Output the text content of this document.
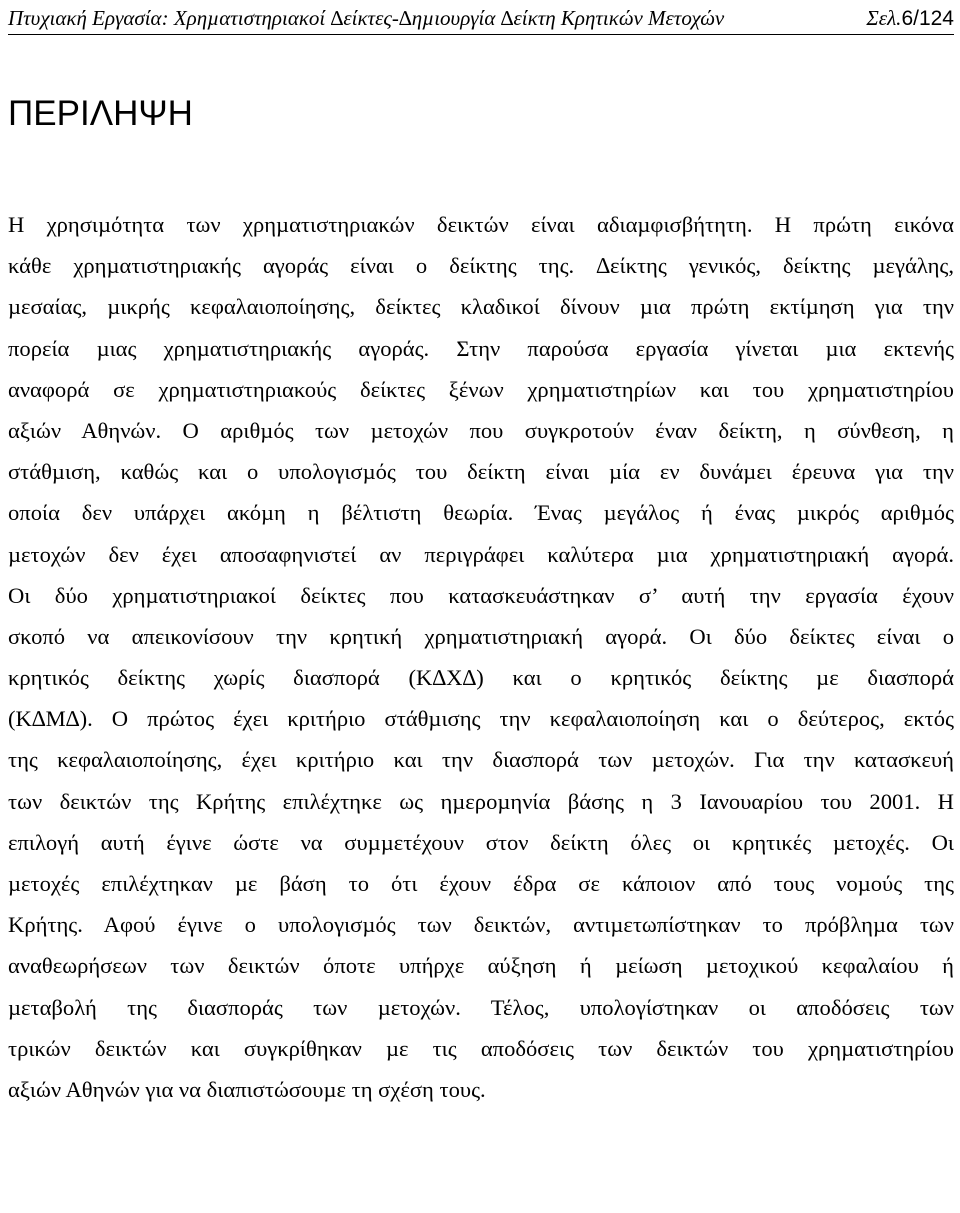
Πτυχιακή Εργασία: Χρηµατιστηριακοί ∆είκτες-∆ηµιουργία ∆είκτη Κρητικών Μετοχών	Σελ.6/124
ΠΕΡΙΛΗΨΗ
Η χρησιµότητα των χρηµατιστηριακών δεικτών είναι αδιαµφισβήτητη. Η πρώτη εικόνα
κάθε χρηµατιστηριακής αγοράς είναι ο δείκτης της. ∆είκτης γενικός, δείκτης µεγάλης,
µεσαίας, µικρής κεφαλαιοποίησης, δείκτες κλαδικοί δίνουν µια πρώτη εκτίµηση για την
πορεία µιας χρηµατιστηριακής αγοράς. Στην παρούσα εργασία γίνεται µια εκτενής
αναφορά σε χρηµατιστηριακούς δείκτες ξένων χρηµατιστηρίων και του χρηµατιστηρίου
αξιών Αθηνών. Ο αριθµός των µετοχών που συγκροτούν έναν δείκτη, η σύνθεση, η
στάθµιση, καθώς και ο υπολογισµός του δείκτη είναι µία εν δυνάµει έρευνα για την
οποία δεν υπάρχει ακόµη η βέλτιστη θεωρία. Ένας µεγάλος ή ένας µικρός αριθµός
µετοχών δεν έχει αποσαφηνιστεί αν περιγράφει καλύτερα µια χρηµατιστηριακή αγορά.
Οι δύο χρηµατιστηριακοί δείκτες που κατασκευάστηκαν σ’ αυτή την εργασία έχουν
σκοπό να απεικονίσουν την κρητική χρηµατιστηριακή αγορά. Οι δύο δείκτες είναι ο
κρητικός δείκτης χωρίς διασπορά (Κ∆Χ∆) και ο κρητικός δείκτης µε διασπορά
(Κ∆Μ∆). Ο πρώτος έχει κριτήριο στάθµισης την κεφαλαιοποίηση και ο δεύτερος, εκτός
της κεφαλαιοποίησης, έχει κριτήριο και την διασπορά των µετοχών. Για την κατασκευή
των δεικτών της Κρήτης επιλέχτηκε ως ηµεροµηνία βάσης η 3 Ιανουαρίου του 2001. Η
επιλογή αυτή έγινε ώστε να συµµετέχουν στον δείκτη όλες οι κρητικές µετοχές. Οι
µετοχές επιλέχτηκαν µε βάση το ότι έχουν έδρα σε κάποιον από τους νοµούς της
Κρήτης. Αφού έγινε ο υπολογισµός των δεικτών, αντιµετωπίστηκαν το πρόβληµα των
αναθεωρήσεων των δεικτών όποτε υπήρχε αύξηση ή µείωση µετοχικού κεφαλαίου ή
µεταβολή της διασποράς των µετοχών. Τέλος, υπολογίστηκαν οι αποδόσεις των
τρικών δεικτών και συγκρίθηκαν µε τις αποδόσεις των δεικτών του χρηµατιστηρίου
αξιών Αθηνών για να διαπιστώσουµε τη σχέση τους.
